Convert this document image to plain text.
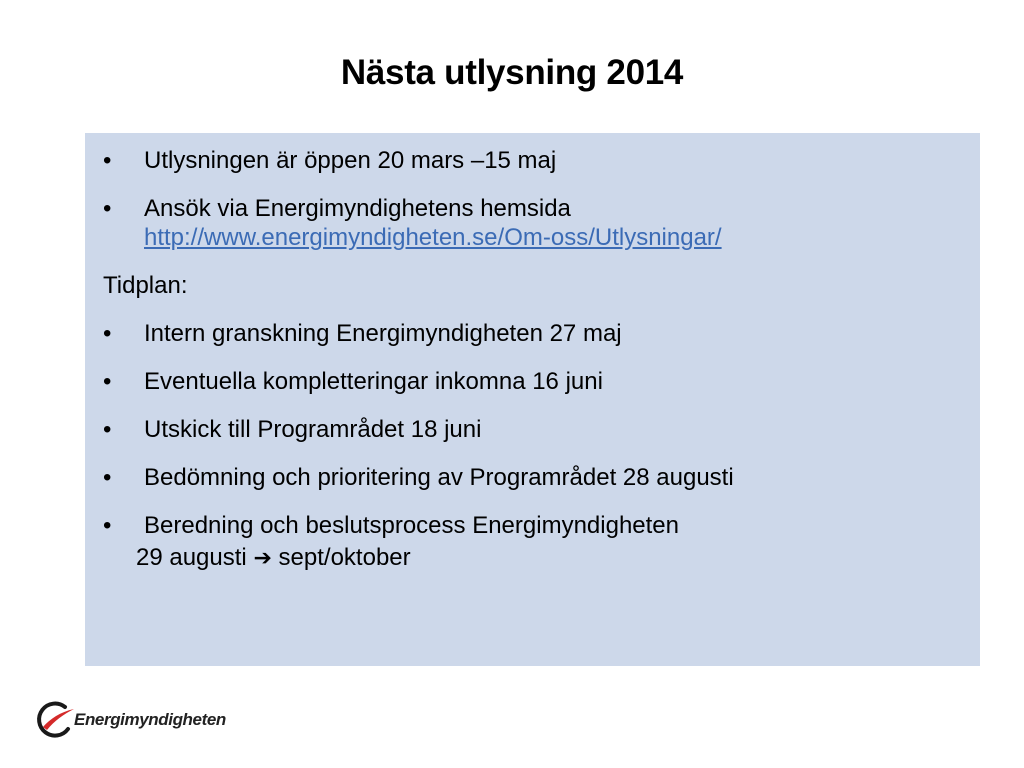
Nästa utlysning 2014
•	Utlysningen är öppen 20 mars –15 maj
•	Ansök via Energimyndighetens hemsida
http://www.energimyndigheten.se/Om-oss/Utlysningar/
Tidplan:
•	Intern granskning Energimyndigheten 27 maj
•	Eventuella kompletteringar inkomna 16 juni
•	Utskick till Programrådet 18 juni
•	Bedömning och prioritering av Programrådet 28 augusti
•	Beredning och beslutsprocess Energimyndigheten
29 augusti ➔ sept/oktober
Energimyndigheten
